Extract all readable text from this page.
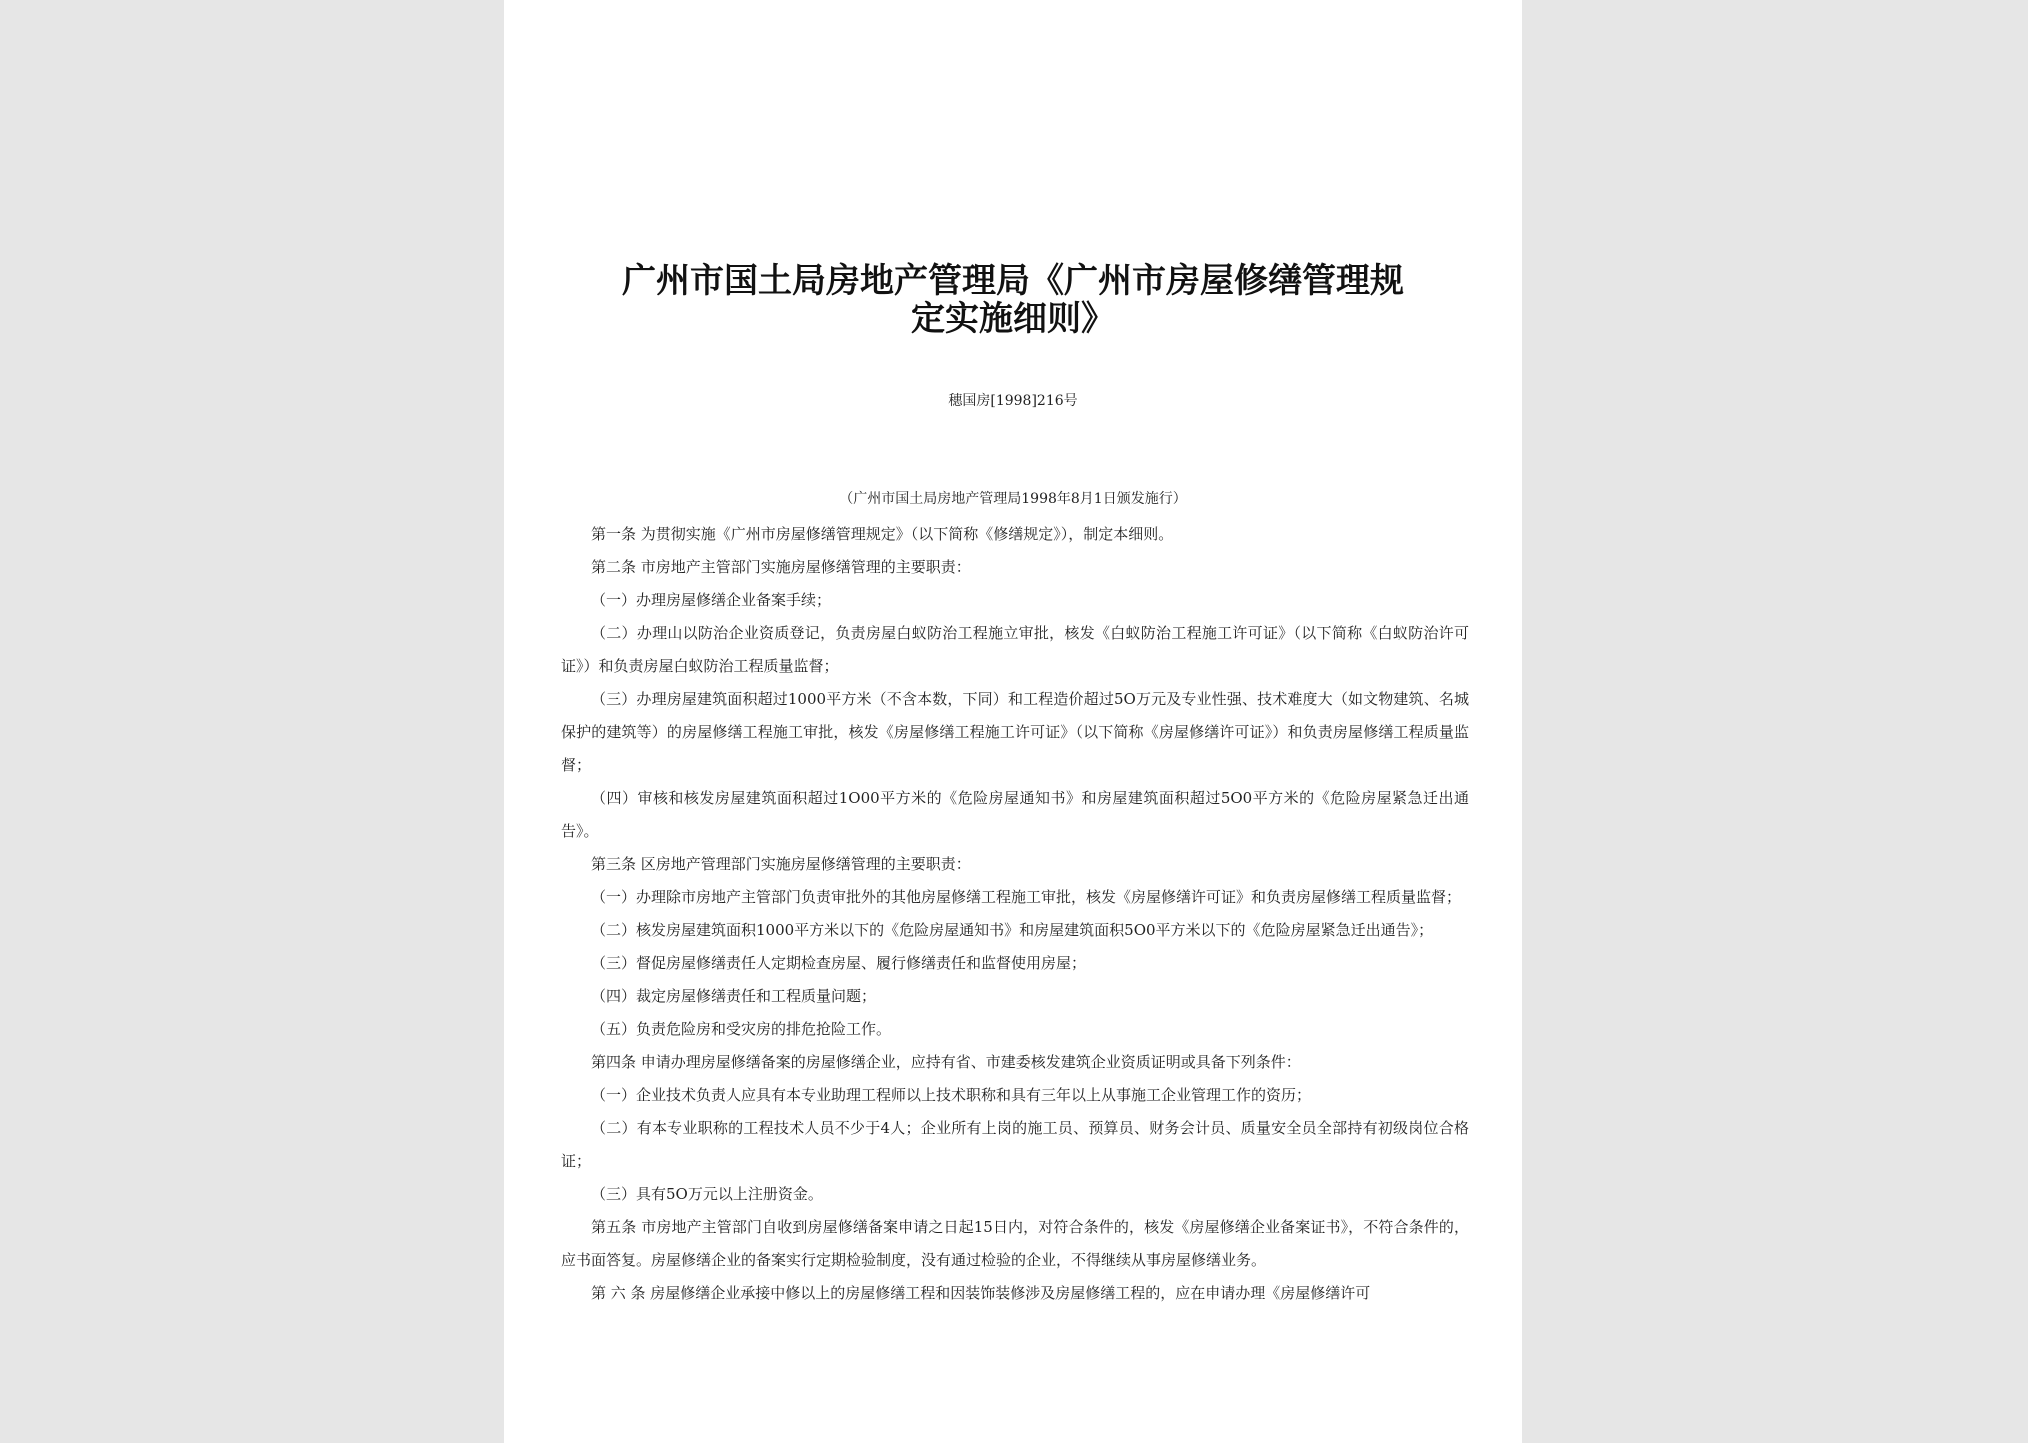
广州市国土局房地产管理局《广州市房屋修缮管理规
定实施细则》
穗国房[1998]216号
（广州市国土局房地产管理局1998年8月1日颁发施行）

第一条 为贯彻实施《广州市房屋修缮管理规定》（以下简称《修缮规定》），制定本细则。

第二条 市房地产主管部门实施房屋修缮管理的主要职责：

（一）办理房屋修缮企业备案手续；

（二）办理山以防治企业资质登记，负责房屋白蚁防治工程施立审批，核发《白蚁防治工程施工许可证》（以下简称《白蚁防治许可证》）和负责房屋白蚁防治工程质量监督；

（三）办理房屋建筑面积超过1000平方米（不含本数，下同）和工程造价超过5O万元及专业性强、技术难度大（如文物建筑、名城保护的建筑等）的房屋修缮工程施工审批，核发《房屋修缮工程施工许可证》（以下简称《房屋修缮许可证》）和负责房屋修缮工程质量监督；

（四）审核和核发房屋建筑面积超过1O00平方米的《危险房屋通知书》和房屋建筑面积超过5O0平方米的《危险房屋紧急迁出通告》。

第三条 区房地产管理部门实施房屋修缮管理的主要职责：

（一）办理除市房地产主管部门负责审批外的其他房屋修缮工程施工审批，核发《房屋修缮许可证》和负责房屋修缮工程质量监督；

（二）核发房屋建筑面积1000平方米以下的《危险房屋通知书》和房屋建筑面积5O0平方米以下的《危险房屋紧急迁出通告》；

（三）督促房屋修缮责任人定期检查房屋、履行修缮责任和监督使用房屋；

（四）裁定房屋修缮责任和工程质量问题；

（五）负责危险房和受灾房的排危抢险工作。

第四条 申请办理房屋修缮备案的房屋修缮企业，应持有省、市建委核发建筑企业资质证明或具备下列条件：

（一）企业技术负责人应具有本专业助理工程师以上技术职称和具有三年以上从事施工企业管理工作的资历；

（二）有本专业职称的工程技术人员不少于4人；企业所有上岗的施工员、预算员、财务会计员、质量安全员全部持有初级岗位合格证；

（三）具有5O万元以上注册资金。

第五条 市房地产主管部门自收到房屋修缮备案申请之日起15日内，对符合条件的，核发《房屋修缮企业备案证书》，不符合条件的，应书面答复。房屋修缮企业的备案实行定期检验制度，没有通过检验的企业，不得继续从事房屋修缮业务。

第 六 条 房屋修缮企业承接中修以上的房屋修缮工程和因装饰装修涉及房屋修缮工程的，应在申请办理《房屋修缮许可
